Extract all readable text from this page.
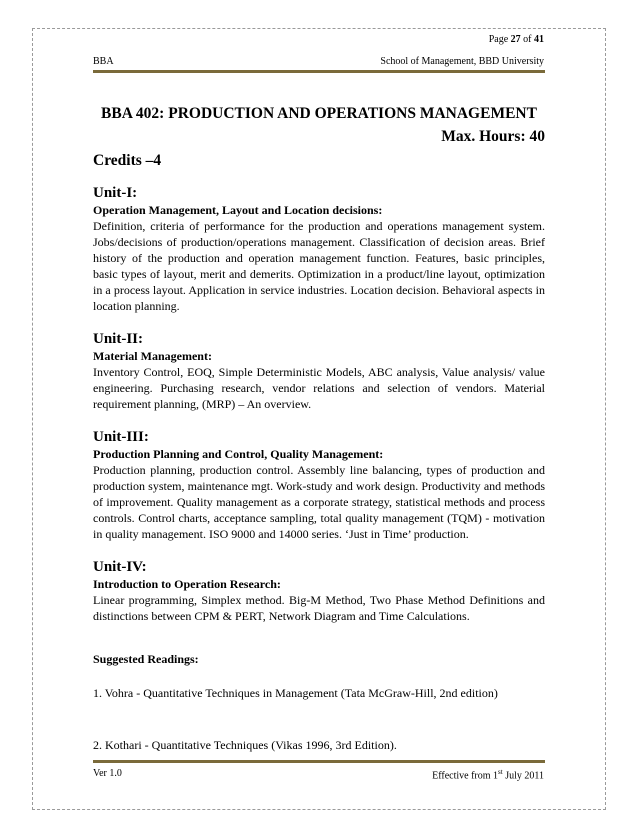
Page 27 of 41
BBA	School of Management, BBD University

BBA 402: PRODUCTION AND OPERATIONS MANAGEMENT

Max. Hours: 40

Credits –4

Unit-I:

Operation Management, Layout and Location decisions:

Definition, criteria of performance for the production and operations management system. Jobs/decisions of production/operations management. Classification of decision areas. Brief history of the production and operation management function. Features, basic principles, basic types of layout, merit and demerits. Optimization in a product/line layout, optimization in a process layout. Application in service industries. Location decision. Behavioral aspects in location planning.

Unit-II:

Material Management:

Inventory Control, EOQ, Simple Deterministic Models, ABC analysis, Value analysis/ value engineering. Purchasing research, vendor relations and selection of vendors. Material requirement planning, (MRP) – An overview.

Unit-III:

Production Planning and Control, Quality Management:

Production planning, production control. Assembly line balancing, types of production and production system, maintenance mgt. Work-study and work design. Productivity and methods of improvement. Quality management as a corporate strategy, statistical methods and process controls. Control charts, acceptance sampling, total quality management (TQM) - motivation in quality management. ISO 9000 and 14000 series. ‘Just in Time’ production.

Unit-IV:

Introduction to Operation Research:

Linear programming, Simplex method. Big-M Method, Two Phase Method Definitions and distinctions between CPM & PERT, Network Diagram and Time Calculations.

Suggested Readings:

1. Vohra - Quantitative Techniques in Management (Tata McGraw-Hill, 2nd edition)

2. Kothari - Quantitative Techniques (Vikas 1996, 3rd Edition).

Ver 1.0	Effective from 1st July 2011
